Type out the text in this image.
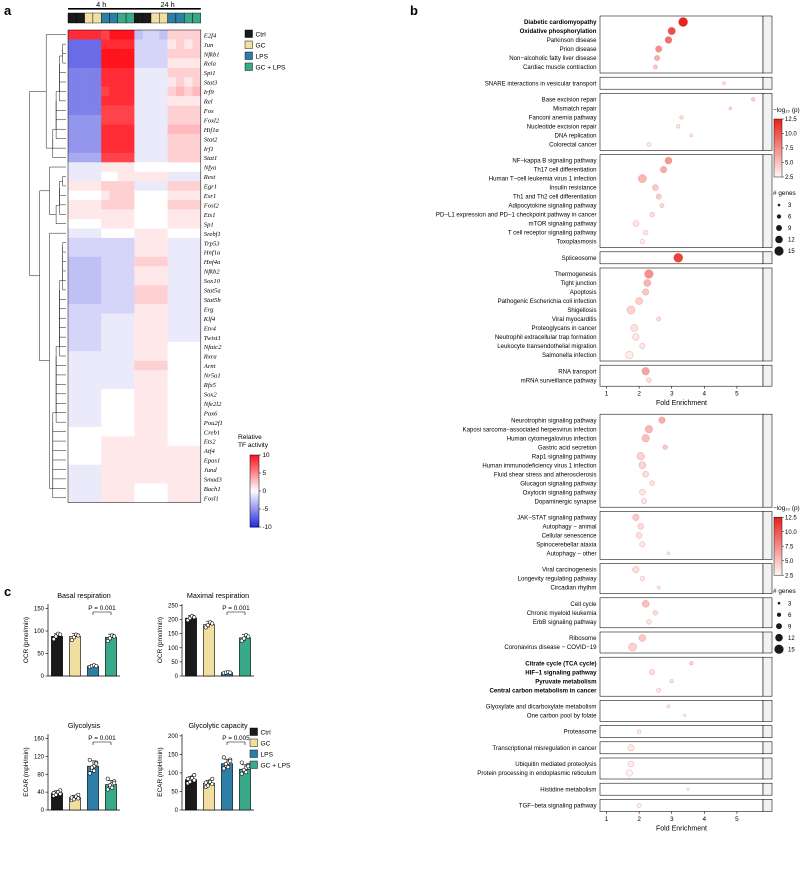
a	4 h	24 h
E2f4
Jun
Nfkb1
Rela
Spi1
Stat3
Irf9
Rel
Fos
Foxl2
Hif1a
Stat2
Irf1
Stat1
Nfya
Rest
Egr1
Esr1
Fosl2
Ets1
Sp1
Srebf1
Trp53
Hnf1a
Hnf4a
Nfkb2
Sox10
Stat5a
Stat5b
Erg
Klf4
Etv4
Twist1
Nfatc2
Rxra
Arnt
Nr5a1
Rfx5
Sox2
Nfe2l2
Pax6
Pou2f1
Creb1
Ets2
Atf4
Epas1
Jund
Smad3
Bach1
Fosl1
Ctrl
GC
LPS
GC + LPS
Relative
TF activity
10
5
0
-5
-10
b
Diabetic cardiomyopathy
Oxidative phosphorylation
Parkinson disease
Prion disease
Non−alcoholic fatty liver disease
Cardiac muscle contraction
SNARE interactions in vesicular transport
Base excision repair
Mismatch repair
Fanconi anemia pathway
Nucleotide excision repair
DNA replication
Colorectal cancer
NF−kappa B signaling pathway
Th17 cell differentiation
Human T−cell leukemia virus 1 infection
Insulin resistance
Th1 and Th2 cell differentiation
Adipocytokine signaling pathway
PD−L1 expression and PD−1 checkpoint pathway in cancer
mTOR signaling pathway
T cell receptor signaling pathway
Toxoplasmosis
Spliceosome
Thermogenesis
Tight junction
Apoptosis
Pathogenic Escherichia coli infection
Shigellosis
Viral myocarditis
Proteoglycans in cancer
Neutrophil extracellular trap formation
Leukocyte transendothelial migration
Salmonella infection
RNA transport
mRNA surveillance pathway
1	2	3	4	5
Fold Enrichment
Neurotrophin signaling pathway
Kaposi sarcoma−associated herpesvirus infection
Human cytomegalovirus infection
Gastric acid secretion
Rap1 signaling pathway
Human immunodeficiency virus 1 infection
Fluid shear stress and atherosclerosis
Glucagon signaling pathway
Oxytocin signaling pathway
Dopaminergic synapse
JAK−STAT signaling pathway
Autophagy − animal
Cellular senescence
Spinocerebellar ataxia
Autophagy − other
Viral carcinogenesis
Longevity regulating pathway
Circadian rhythm
Cell cycle
Chronic myeloid leukemia
ErbB signaling pathway
Ribosome
Coronavirus disease − COVID−19
Citrate cycle (TCA cycle)
HIF−1 signaling pathway
Pyruvate metabolism
Central carbon metabolism in cancer
Glyoxylate and dicarboxylate metabolism
One carbon pool by folate
Proteasome
Transcriptional misregulation in cancer
Ubiquitin mediated proteolysis
Protein processing in endoplasmic reticulum
Histidine metabolism
TGF−beta signaling pathway
1	2	3	4	5
Fold Enrichment
−log₁₀ (p)
12.5
10.0
7.5
5.0
2.5
# genes
3
6
9
12
15
−log₁₀ (p)
12.5
10.0
7.5
5.0
2.5
# genes
3
6
9
12
15
c	Basal respiration
0
50
100
150
OCR (pmol/min)
P = 0.001
Maximal respiration
0
50
100
150
200
250
OCR (pmol/min)
P = 0.001
Glycolysis
0
40
80
120
160
ECAR (mpH/min)
P = 0.001
Glycolytic capacity
0
50
100
150
200
ECAR (mpH/min)
P = 0.005
Ctrl
GC
LPS
GC + LPS
